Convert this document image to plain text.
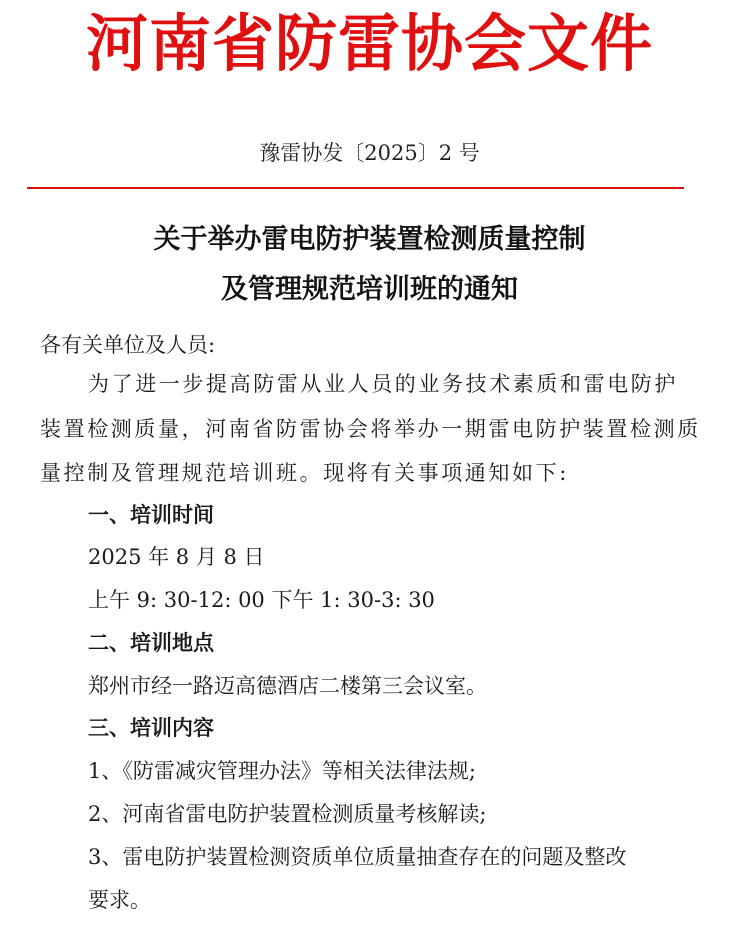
河南省防雷协会文件
豫雷协发〔2025〕2 号
关于举办雷电防护装置检测质量控制
及管理规范培训班的通知
各有关单位及人员:
为了进一步提高防雷从业人员的业务技术素质和雷电防护
装置检测质量，河南省防雷协会将举办一期雷电防护装置检测质
量控制及管理规范培训班。现将有关事项通知如下:
一、培训时间
2025 年 8 月 8 日
上午 9: 30-12: 00 下午 1: 30-3: 30
二、培训地点
郑州市经一路迈高德酒店二楼第三会议室。
三、培训内容
1、《防雷减灾管理办法》等相关法律法规;
2、河南省雷电防护装置检测质量考核解读;
3、雷电防护装置检测资质单位质量抽查存在的问题及整改
要求。
